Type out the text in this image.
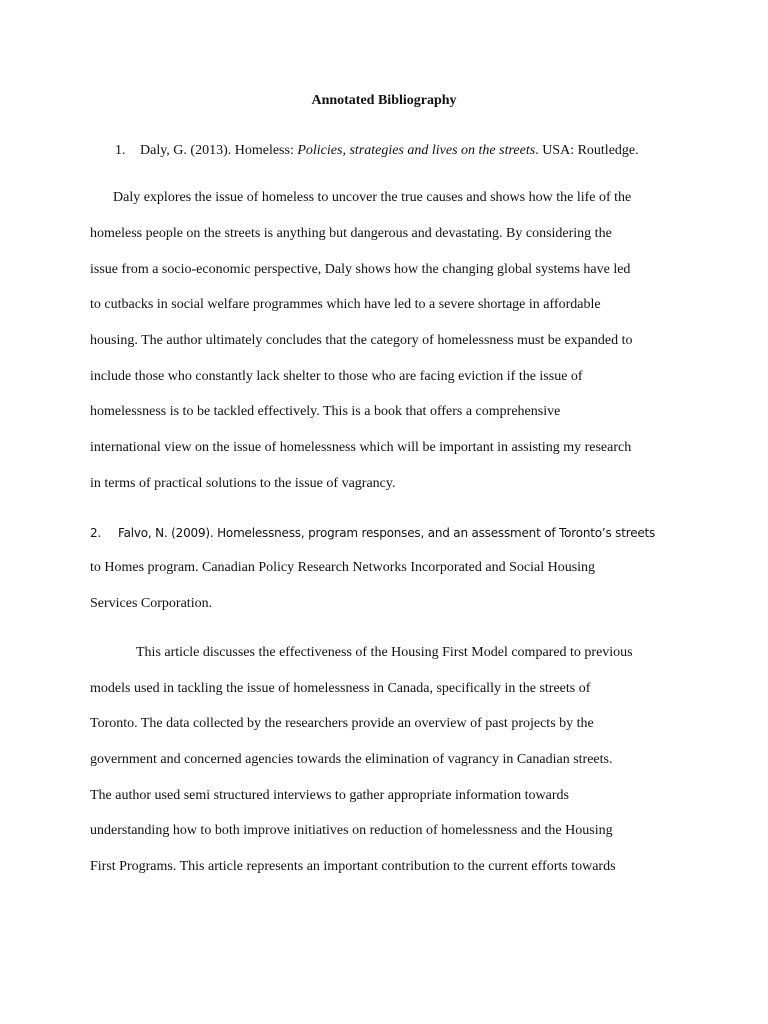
Annotated Bibliography
1. Daly, G. (2013). Homeless: Policies, strategies and lives on the streets. USA: Routledge.
Daly explores the issue of homeless to uncover the true causes and shows how the life of the
homeless people on the streets is anything but dangerous and devastating. By considering the
issue from a socio-economic perspective, Daly shows how the changing global systems have led
to cutbacks in social welfare programmes which have led to a severe shortage in affordable
housing. The author ultimately concludes that the category of homelessness must be expanded to
include those who constantly lack shelter to those who are facing eviction if the issue of
homelessness is to be tackled effectively. This is a book that offers a comprehensive
international view on the issue of homelessness which will be important in assisting my research
in terms of practical solutions to the issue of vagrancy.
2. Falvo, N. (2009). Homelessness, program responses, and an assessment of Toronto’s streets
to Homes program. Canadian Policy Research Networks Incorporated and Social Housing
Services Corporation.
This article discusses the effectiveness of the Housing First Model compared to previous
models used in tackling the issue of homelessness in Canada, specifically in the streets of
Toronto. The data collected by the researchers provide an overview of past projects by the
government and concerned agencies towards the elimination of vagrancy in Canadian streets.
The author used semi structured interviews to gather appropriate information towards
understanding how to both improve initiatives on reduction of homelessness and the Housing
First Programs. This article represents an important contribution to the current efforts towards
